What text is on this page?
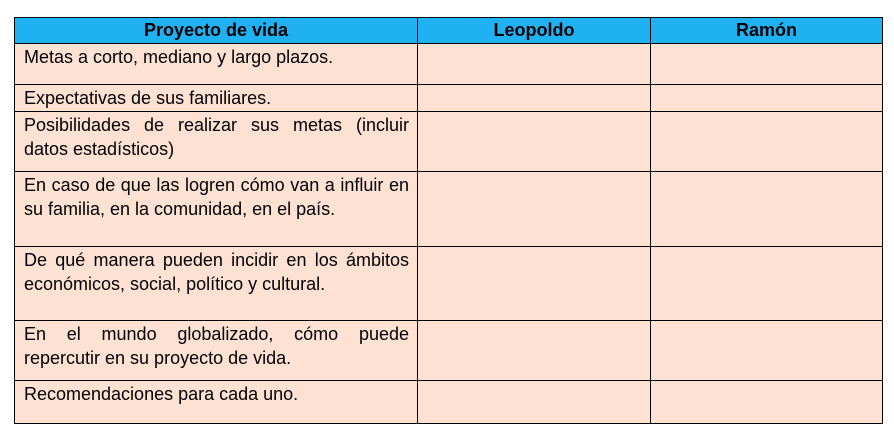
Proyecto de vida	Leopoldo	Ramón
Metas a corto, mediano y largo plazos.		
Expectativas de sus familiares.		
Posibilidades de realizar sus metas (incluir datos estadísticos)		
En caso de que las logren cómo van a influir en su familia, en la comunidad, en el país.		
De qué manera pueden incidir en los ámbitos económicos, social, político y cultural.		
En el mundo globalizado, cómo puede repercutir en su proyecto de vida.		
Recomendaciones para cada uno.		
